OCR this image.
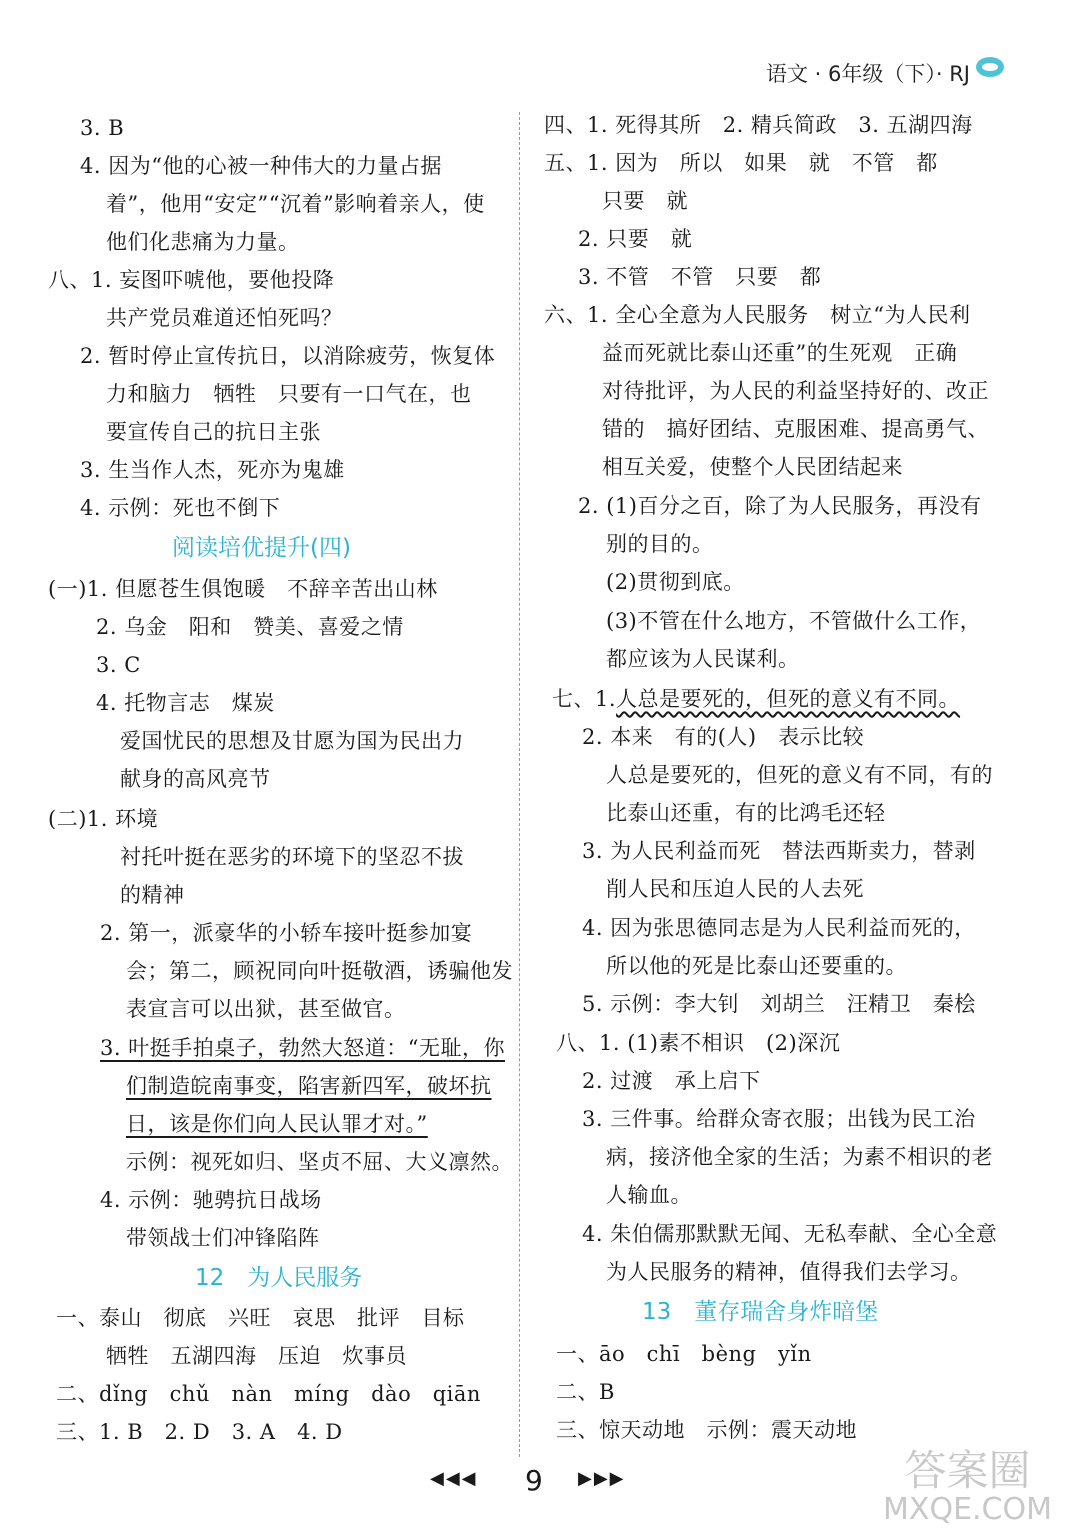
语文 · 6年级（下）· RJ
3. B
4. 因为“他的心被一种伟大的力量占据
着”，他用“安定”“沉着”影响着亲人，使
他们化悲痛为力量。
八、1. 妄图吓唬他，要他投降
共产党员难道还怕死吗？
2. 暂时停止宣传抗日，以消除疲劳，恢复体
力和脑力　牺牲　只要有一口气在，也
要宣传自己的抗日主张
3. 生当作人杰，死亦为鬼雄
4. 示例：死也不倒下
阅读培优提升(四)
(一)1. 但愿苍生俱饱暖　不辞辛苦出山林
2. 乌金　阳和　赞美、喜爱之情
3. C
4. 托物言志　煤炭
爱国忧民的思想及甘愿为国为民出力
献身的高风亮节
(二)1. 环境
衬托叶挺在恶劣的环境下的坚忍不拔
的精神
2. 第一，派豪华的小轿车接叶挺参加宴
会；第二，顾祝同向叶挺敬酒，诱骗他发
表宣言可以出狱，甚至做官。
3. 叶挺手拍桌子，勃然大怒道：“无耻，你
们制造皖南事变，陷害新四军，破坏抗
日，该是你们向人民认罪才对。”
示例：视死如归、坚贞不屈、大义凛然。
4. 示例：驰骋抗日战场
带领战士们冲锋陷阵
12　为人民服务
一、泰山　彻底　兴旺　哀思　批评　目标
牺牲　五湖四海　压迫　炊事员
二、dǐng　chǔ　nàn　míng　dào　qiān
三、1. B　2. D　3. A　4. D
四、1. 死得其所　2. 精兵简政　3. 五湖四海
五、1. 因为　所以　如果　就　不管　都
只要　就
2. 只要　就
3. 不管　不管　只要　都
六、1. 全心全意为人民服务　树立“为人民利
益而死就比泰山还重”的生死观　正确
对待批评，为人民的利益坚持好的、改正
错的　搞好团结、克服困难、提高勇气、
相互关爱，使整个人民团结起来
2. (1)百分之百，除了为人民服务，再没有
别的目的。
(2)贯彻到底。
(3)不管在什么地方，不管做什么工作，
都应该为人民谋利。
七、1.人总是要死的，但死的意义有不同。
2. 本来　有的(人)　表示比较
人总是要死的，但死的意义有不同，有的
比泰山还重，有的比鸿毛还轻
3. 为人民利益而死　替法西斯卖力，替剥
削人民和压迫人民的人去死
4. 因为张思德同志是为人民利益而死的，
所以他的死是比泰山还要重的。
5. 示例：李大钊　刘胡兰　汪精卫　秦桧
八、1. (1)素不相识　(2)深沉
2. 过渡　承上启下
3. 三件事。给群众寄衣服；出钱为民工治
病，接济他全家的生活；为素不相识的老
人输血。
4. 朱伯儒那默默无闻、无私奉献、全心全意
为人民服务的精神，值得我们去学习。
13　董存瑞舍身炸暗堡
一、āo　chī　bèng　yǐn
二、B
三、惊天动地　示例：震天动地
◀◀◀ 9 ▶▶▶	答案圈
MXQE.COM
